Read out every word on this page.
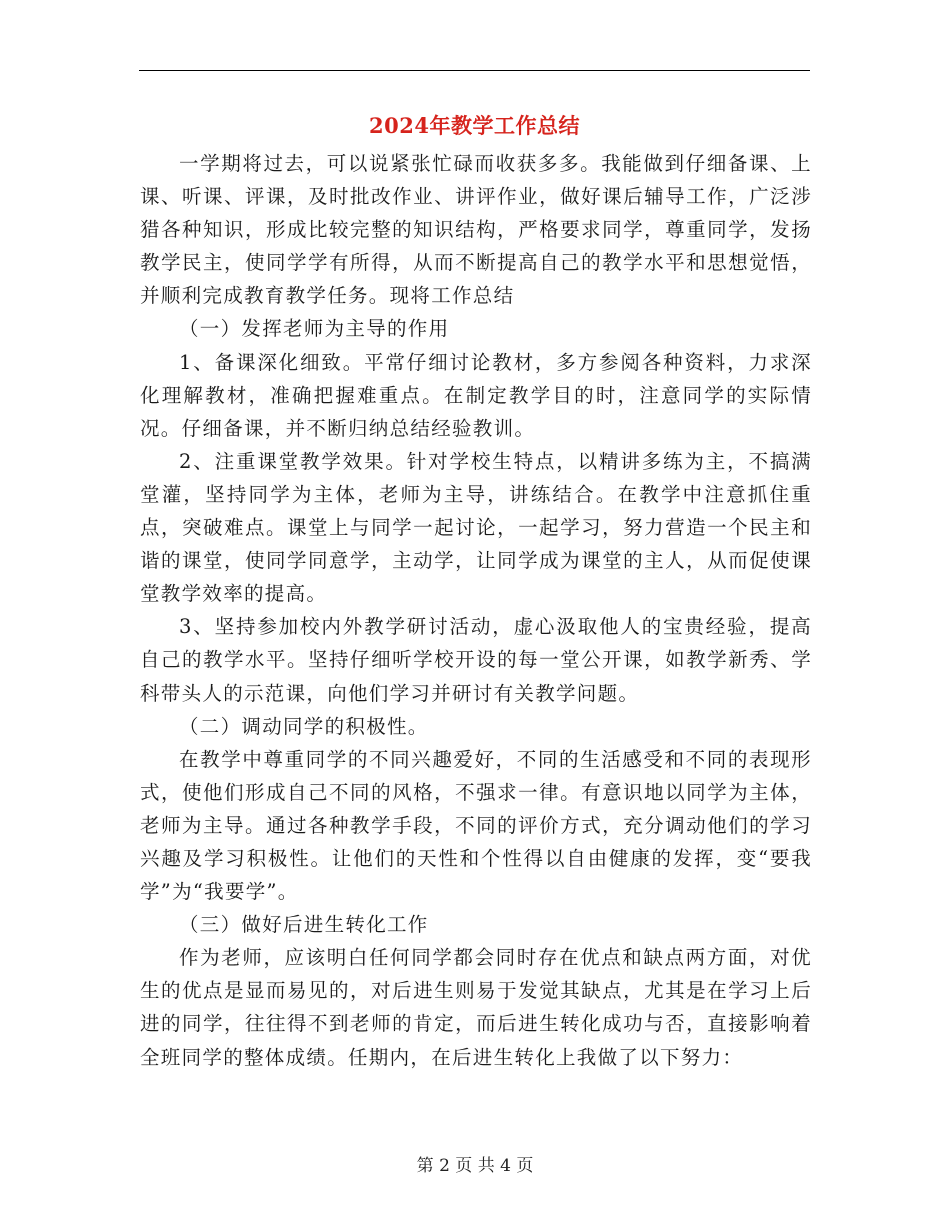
2024年教学工作总结

一学期将过去，可以说紧张忙碌而收获多多。我能做到仔细备课、上课、听课、评课，及时批改作业、讲评作业，做好课后辅导工作，广泛涉猎各种知识，形成比较完整的知识结构，严格要求同学，尊重同学，发扬教学民主，使同学学有所得，从而不断提高自己的教学水平和思想觉悟，并顺利完成教育教学任务。现将工作总结

（一）发挥老师为主导的作用

1、备课深化细致。平常仔细讨论教材，多方参阅各种资料，力求深化理解教材，准确把握难重点。在制定教学目的时，注意同学的实际情况。仔细备课，并不断归纳总结经验教训。

2、注重课堂教学效果。针对学校生特点，以精讲多练为主，不搞满堂灌，坚持同学为主体，老师为主导，讲练结合。在教学中注意抓住重点，突破难点。课堂上与同学一起讨论，一起学习，努力营造一个民主和谐的课堂，使同学同意学，主动学，让同学成为课堂的主人，从而促使课堂教学效率的提高。

3、坚持参加校内外教学研讨活动，虚心汲取他人的宝贵经验，提高自己的教学水平。坚持仔细听学校开设的每一堂公开课，如教学新秀、学科带头人的示范课，向他们学习并研讨有关教学问题。

（二）调动同学的积极性。

在教学中尊重同学的不同兴趣爱好，不同的生活感受和不同的表现形式，使他们形成自己不同的风格，不强求一律。有意识地以同学为主体，老师为主导。通过各种教学手段，不同的评价方式，充分调动他们的学习兴趣及学习积极性。让他们的天性和个性得以自由健康的发挥，变“要我学”为“我要学”。

（三）做好后进生转化工作

作为老师，应该明白任何同学都会同时存在优点和缺点两方面，对优生的优点是显而易见的，对后进生则易于发觉其缺点，尤其是在学习上后进的同学，往往得不到老师的肯定，而后进生转化成功与否，直接影响着全班同学的整体成绩。任期内，在后进生转化上我做了以下努力：

第 2 页 共 4 页
